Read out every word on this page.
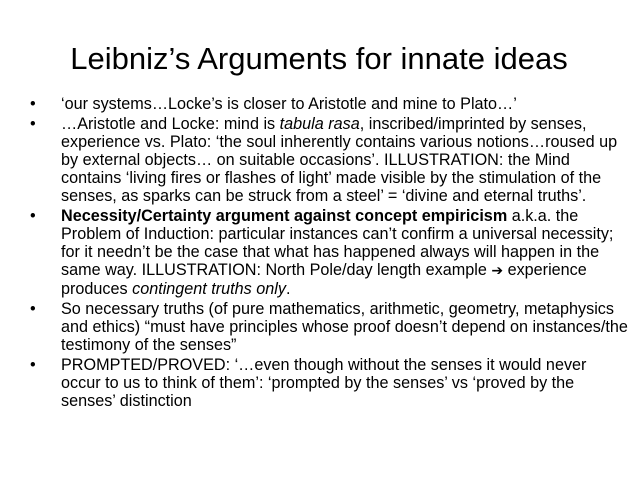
Leibniz’s Arguments for innate ideas
•	‘our systems…Locke’s is closer to Aristotle and mine to Plato…’
•	…Aristotle and Locke: mind is tabula rasa, inscribed/imprinted by senses, experience vs. Plato: ‘the soul inherently contains various notions…roused up by external objects… on suitable occasions’. ILLUSTRATION: the Mind contains ‘living fires or flashes of light’ made visible by the stimulation of the senses, as sparks can be struck from a steel’ = ‘divine and eternal truths’.
•	Necessity/Certainty argument against concept empiricism a.k.a. the Problem of Induction: particular instances can’t confirm a universal necessity; for it needn’t be the case that what has happened always will happen in the same way. ILLUSTRATION: North Pole/day length example ➔ experience produces contingent truths only.
•	So necessary truths (of pure mathematics, arithmetic, geometry, metaphysics and ethics) “must have principles whose proof doesn’t depend on instances/the testimony of the senses”
•	PROMPTED/PROVED: ‘…even though without the senses it would never occur to us to think of them’: ‘prompted by the senses’ vs ‘proved by the senses’ distinction
